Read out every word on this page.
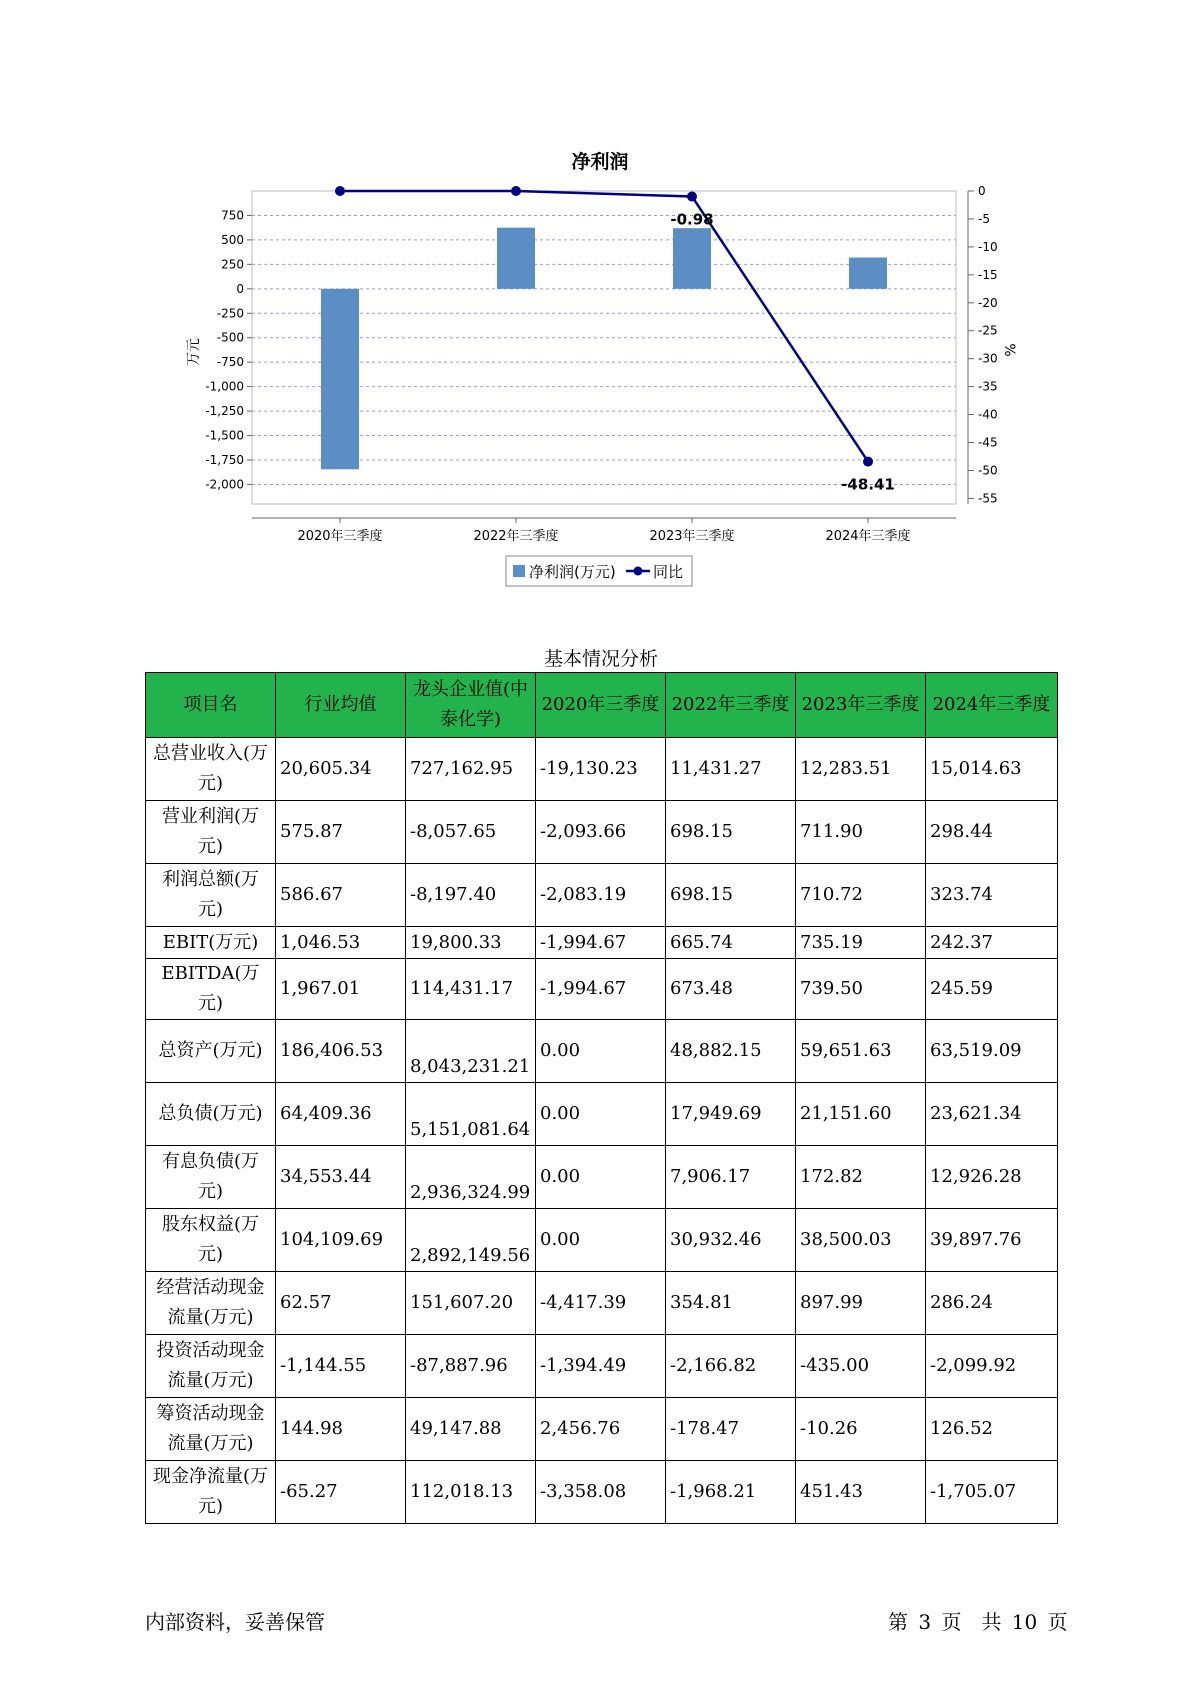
净利润
750
500
250
0
-250
-500
-750
-1,000
-1,250
-1,500
-1,750
-2,000
0
-5
-10
-15
-20
-25
-30
-35
-40
-45
-50
-55
2020年三季度	2022年三季度	2023年三季度	2024年三季度
万元	%
-0.98
-48.41
净利润(万元) 同比
基本情况分析
项目名	行业均值	龙头企业值(中泰化学)	2020年三季度	2022年三季度	2023年三季度	2024年三季度
总营业收入(万元)	20,605.34	727,162.95	-19,130.23	11,431.27	12,283.51	15,014.63
营业利润(万元)	575.87	-8,057.65	-2,093.66	698.15	711.90	298.44
利润总额(万元)	586.67	-8,197.40	-2,083.19	698.15	710.72	323.74
EBIT(万元)	1,046.53	19,800.33	-1,994.67	665.74	735.19	242.37
EBITDA(万元)	1,967.01	114,431.17	-1,994.67	673.48	739.50	245.59
总资产(万元)	186,406.53	8,043,231.21	0.00	48,882.15	59,651.63	63,519.09
总负债(万元)	64,409.36	5,151,081.64	0.00	17,949.69	21,151.60	23,621.34
有息负债(万元)	34,553.44	2,936,324.99	0.00	7,906.17	172.82	12,926.28
股东权益(万元)	104,109.69	2,892,149.56	0.00	30,932.46	38,500.03	39,897.76
经营活动现金流量(万元)	62.57	151,607.20	-4,417.39	354.81	897.99	286.24
投资活动现金流量(万元)	-1,144.55	-87,887.96	-1,394.49	-2,166.82	-435.00	-2,099.92
筹资活动现金流量(万元)	144.98	49,147.88	2,456.76	-178.47	-10.26	126.52
现金净流量(万元)	-65.27	112,018.13	-3,358.08	-1,968.21	451.43	-1,705.07
内部资料，妥善保管	第 3 页　共 10 页
